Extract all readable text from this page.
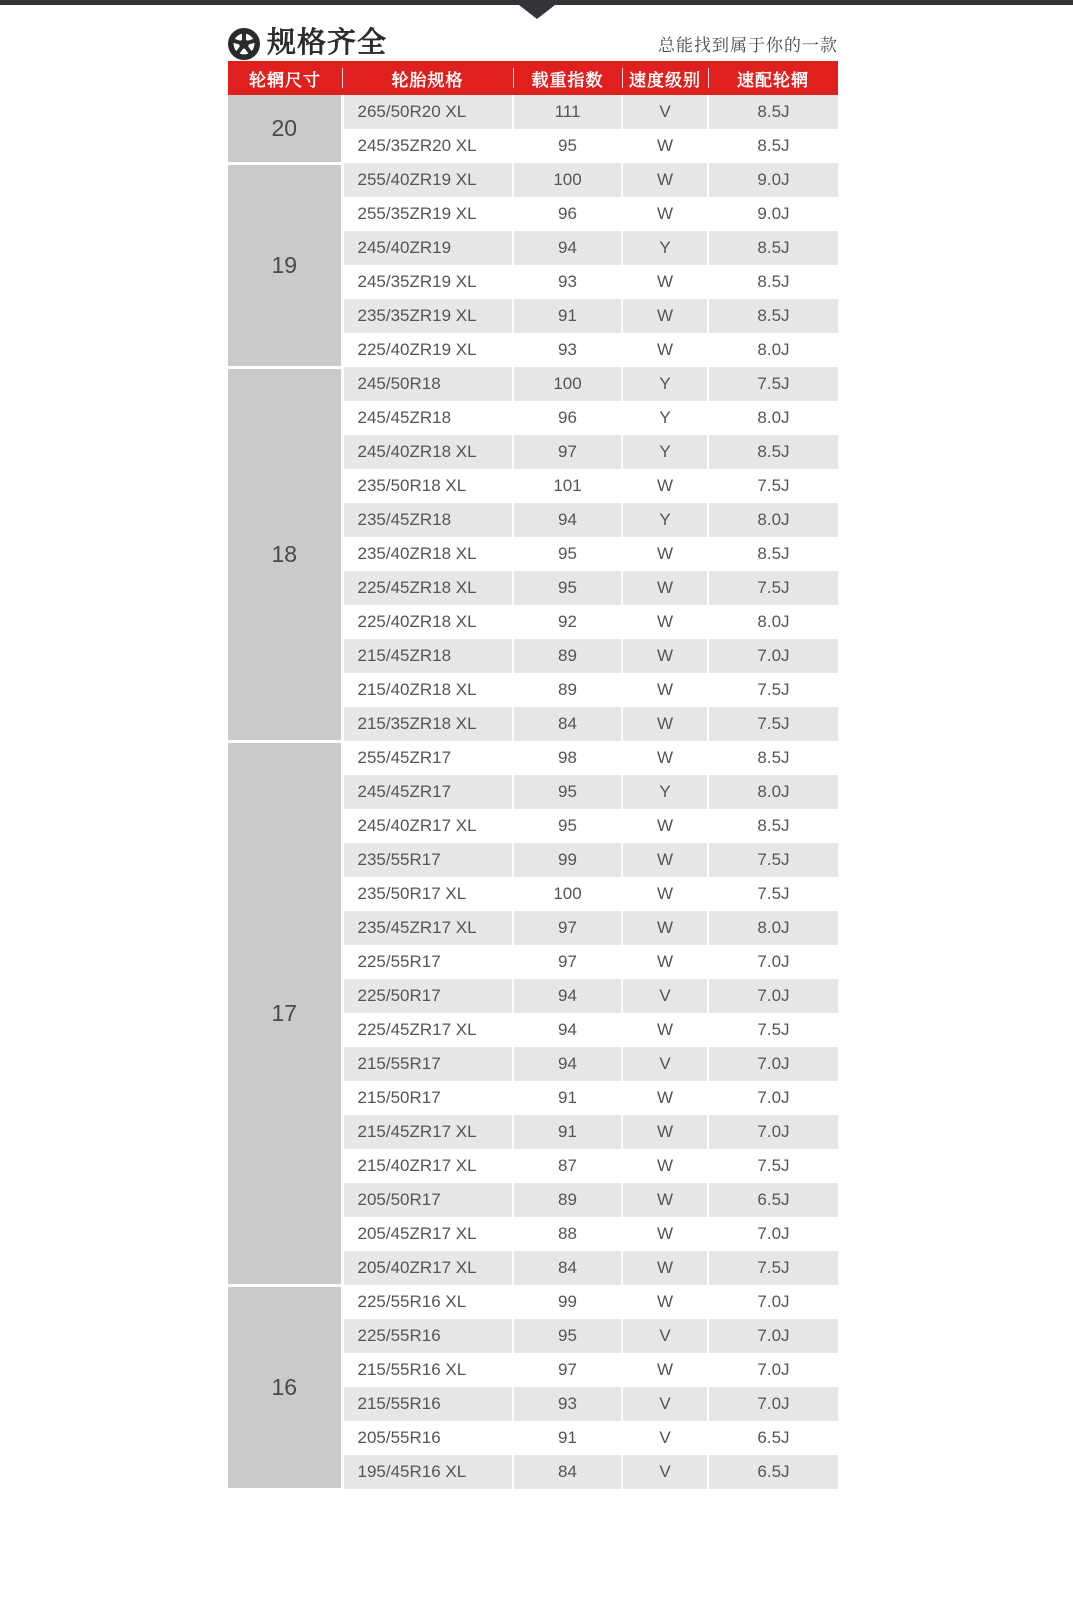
规格齐全	总能找到属于你的一款
轮辋尺寸	轮胎规格	载重指数	速度级别	速配轮辋
20	265/50R20 XL	111	V	8.5J
	245/35ZR20 XL	95	W	8.5J
19	255/40ZR19 XL	100	W	9.0J
	255/35ZR19 XL	96	W	9.0J
	245/40ZR19	94	Y	8.5J
	245/35ZR19 XL	93	W	8.5J
	235/35ZR19 XL	91	W	8.5J
	225/40ZR19 XL	93	W	8.0J
18	245/50R18	100	Y	7.5J
	245/45ZR18	96	Y	8.0J
	245/40ZR18 XL	97	Y	8.5J
	235/50R18 XL	101	W	7.5J
	235/45ZR18	94	Y	8.0J
	235/40ZR18 XL	95	W	8.5J
	225/45ZR18 XL	95	W	7.5J
	225/40ZR18 XL	92	W	8.0J
	215/45ZR18	89	W	7.0J
	215/40ZR18 XL	89	W	7.5J
	215/35ZR18 XL	84	W	7.5J
17	255/45ZR17	98	W	8.5J
	245/45ZR17	95	Y	8.0J
	245/40ZR17 XL	95	W	8.5J
	235/55R17	99	W	7.5J
	235/50R17 XL	100	W	7.5J
	235/45ZR17 XL	97	W	8.0J
	225/55R17	97	W	7.0J
	225/50R17	94	V	7.0J
	225/45ZR17 XL	94	W	7.5J
	215/55R17	94	V	7.0J
	215/50R17	91	W	7.0J
	215/45ZR17 XL	91	W	7.0J
	215/40ZR17 XL	87	W	7.5J
	205/50R17	89	W	6.5J
	205/45ZR17 XL	88	W	7.0J
	205/40ZR17 XL	84	W	7.5J
16	225/55R16 XL	99	W	7.0J
	225/55R16	95	V	7.0J
	215/55R16 XL	97	W	7.0J
	215/55R16	93	V	7.0J
	205/55R16	91	V	6.5J
	195/45R16 XL	84	V	6.5J
